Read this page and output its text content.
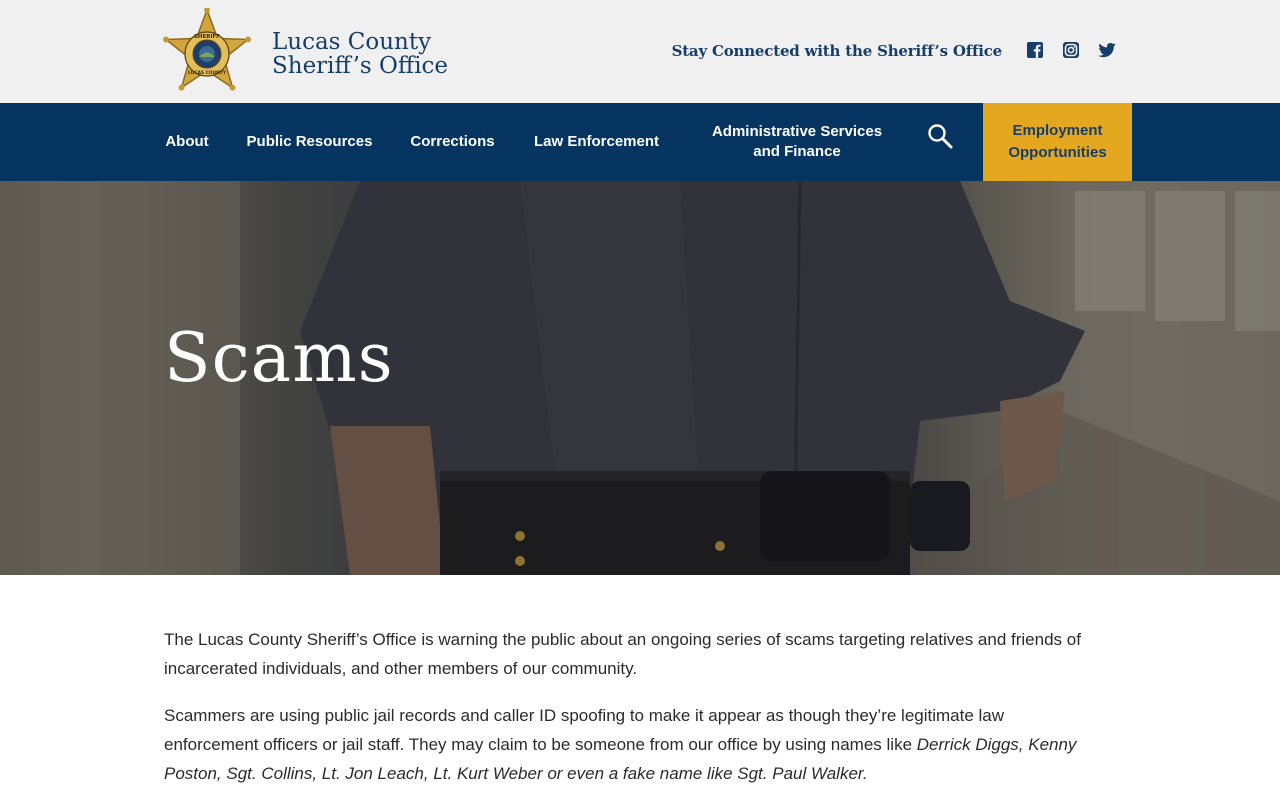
SHERIFF
LUCAS COUNTY
Lucas County
Sheriff’s Office
Stay Connected with the Sheriff’s Office
About	Public Resources	Corrections	Law Enforcement
Administrative Services and Finance
Employment Opportunities
Scams

The Lucas County Sheriff’s Office is warning the public about an ongoing series of scams targeting relatives and friends of incarcerated individuals, and other members of our community.

Scammers are using public jail records and caller ID spoofing to make it appear as though they’re legitimate law enforcement officers or jail staff. They may claim to be someone from our office by using names like Derrick Diggs, Kenny Poston, Sgt. Collins, Lt. Jon Leach, Lt. Kurt Weber or even a fake name like Sgt. Paul Walker.
